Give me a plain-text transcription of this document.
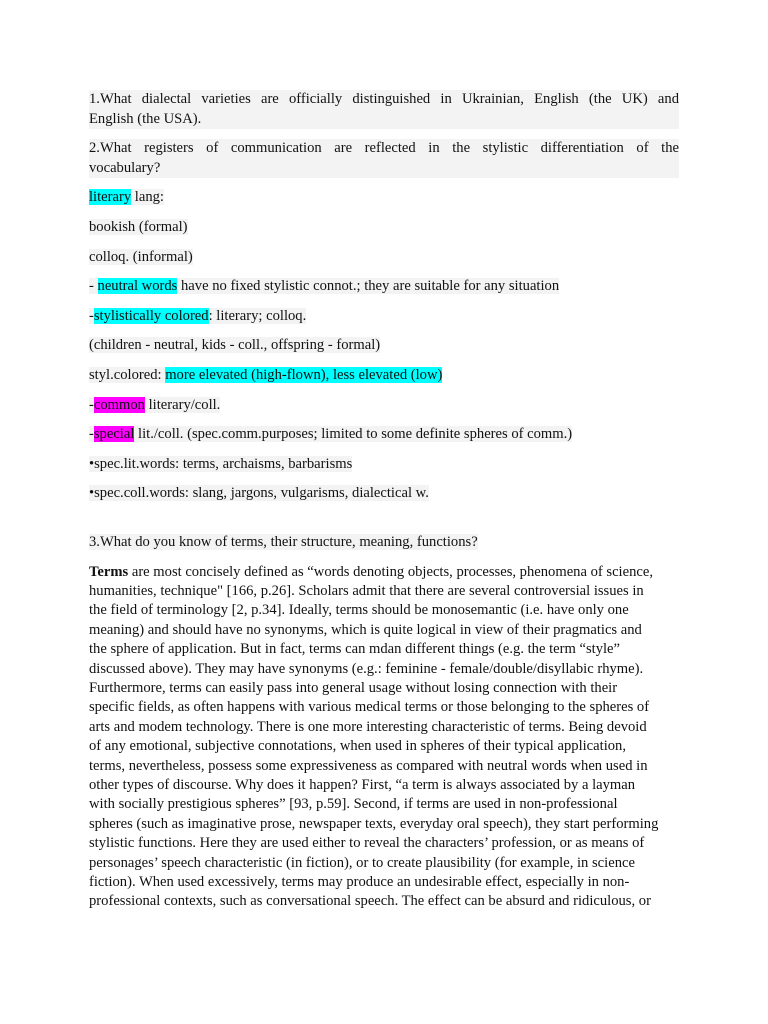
1.What dialectal varieties are officially distinguished in Ukrainian, English (the UK) and
English (the USA).
2.What registers of communication are reflected in the stylistic differentiation of the
vocabulary?
literary lang:
bookish (formal)
colloq. (informal)
- neutral words have no fixed stylistic connot.; they are suitable for any situation
-stylistically colored: literary; colloq.
(children - neutral, kids - coll., offspring - formal)
styl.colored: more elevated (high-flown), less elevated (low)
-common literary/coll.
-special lit./coll. (spec.comm.purposes; limited to some definite spheres of comm.)
•spec.lit.words: terms, archaisms, barbarisms
•spec.coll.words: slang, jargons, vulgarisms, dialectical w.
3.What do you know of terms, their structure, meaning, functions?
Terms are most concisely defined as “words denoting objects, processes, phenomena of science,
humanities, technique" [166, p.26]. Scholars admit that there are several controversial issues in
the field of terminology [2, p.34]. Ideally, terms should be monosemantic (i.e. have only one
meaning) and should have no synonyms, which is quite logical in view of their pragmatics and
the sphere of application. But in fact, terms can mdan different things (e.g. the term “style”
discussed above). They may have synonyms (e.g.: feminine - female/double/disyllabic rhyme).
Furthermore, terms can easily pass into general usage without losing connection with their
specific fields, as often happens with various medical terms or those belonging to the spheres of
arts and modem technology. There is one more interesting characteristic of terms. Being devoid
of any emotional, subjective connotations, when used in spheres of their typical application,
terms, nevertheless, possess some expressiveness as compared with neutral words when used in
other types of discourse. Why does it happen? First, “a term is always associated by a layman
with socially prestigious spheres” [93, p.59]. Second, if terms are used in non-professional
spheres (such as imaginative prose, newspaper texts, everyday oral speech), they start performing
stylistic functions. Here they are used either to reveal the characters’ profession, or as means of
personages’ speech characteristic (in fiction), or to create plausibility (for example, in science
fiction). When used excessively, terms may produce an undesirable effect, especially in non-
professional contexts, such as conversational speech. The effect can be absurd and ridiculous, or
